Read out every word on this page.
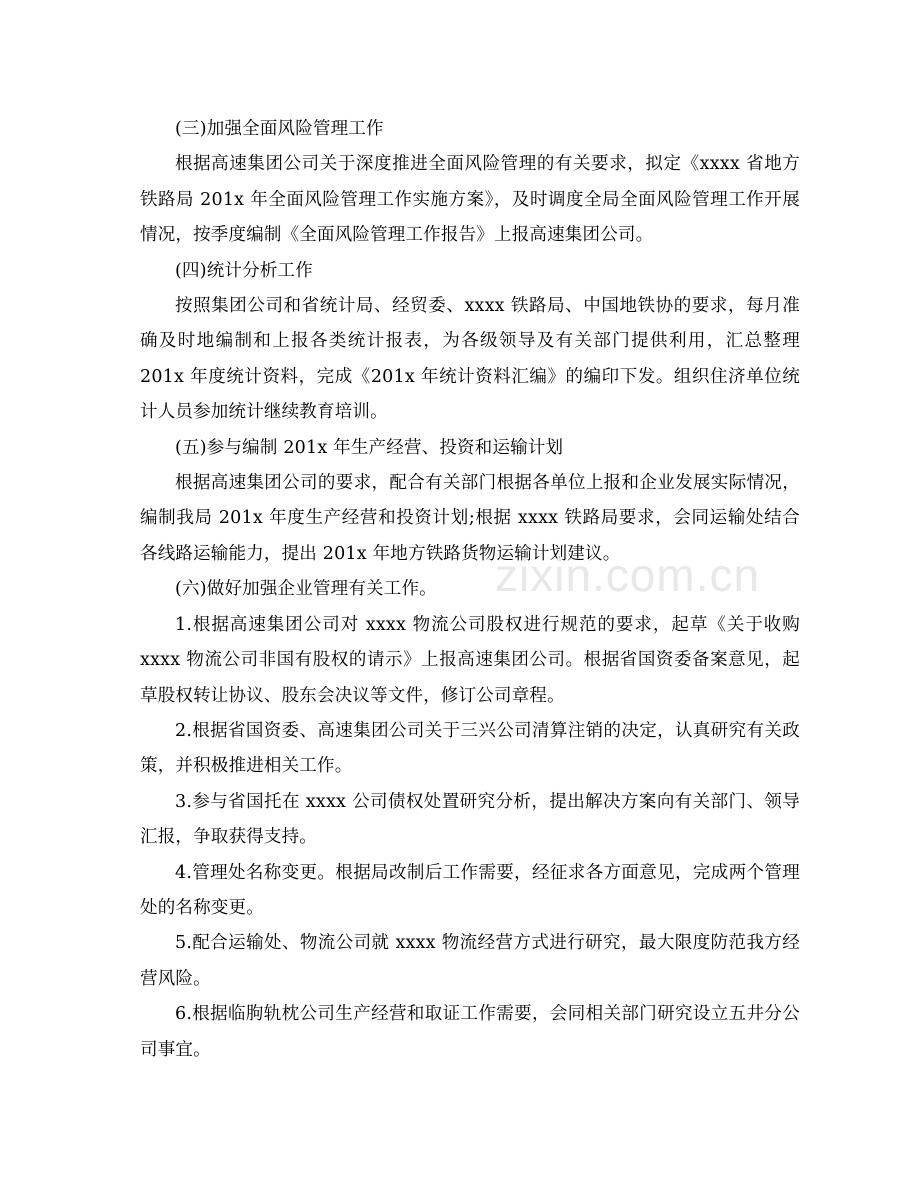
(三)加强全面风险管理工作

根据高速集团公司关于深度推进全面风险管理的有关要求，拟定《xxxx 省地方铁路局 201x 年全面风险管理工作实施方案》，及时调度全局全面风险管理工作开展情况，按季度编制《全面风险管理工作报告》上报高速集团公司。

(四)统计分析工作

按照集团公司和省统计局、经贸委、xxxx 铁路局、中国地铁协的要求，每月准确及时地编制和上报各类统计报表，为各级领导及有关部门提供利用，汇总整理 201x 年度统计资料，完成《201x 年统计资料汇编》的编印下发。组织住济单位统计人员参加统计继续教育培训。

(五)参与编制 201x 年生产经营、投资和运输计划

根据高速集团公司的要求，配合有关部门根据各单位上报和企业发展实际情况，编制我局 201x 年度生产经营和投资计划;根据 xxxx 铁路局要求，会同运输处结合各线路运输能力，提出 201x 年地方铁路货物运输计划建议。

(六)做好加强企业管理有关工作。

1.根据高速集团公司对 xxxx 物流公司股权进行规范的要求，起草《关于收购 xxxx 物流公司非国有股权的请示》上报高速集团公司。根据省国资委备案意见，起草股权转让协议、股东会决议等文件，修订公司章程。

2.根据省国资委、高速集团公司关于三兴公司清算注销的决定，认真研究有关政策，并积极推进相关工作。

3.参与省国托在 xxxx 公司债权处置研究分析，提出解决方案向有关部门、领导汇报，争取获得支持。

4.管理处名称变更。根据局改制后工作需要，经征求各方面意见，完成两个管理处的名称变更。

5.配合运输处、物流公司就 xxxx 物流经营方式进行研究，最大限度防范我方经营风险。

6.根据临朐轨枕公司生产经营和取证工作需要，会同相关部门研究设立五井分公司事宜。

zixin.com.cn
